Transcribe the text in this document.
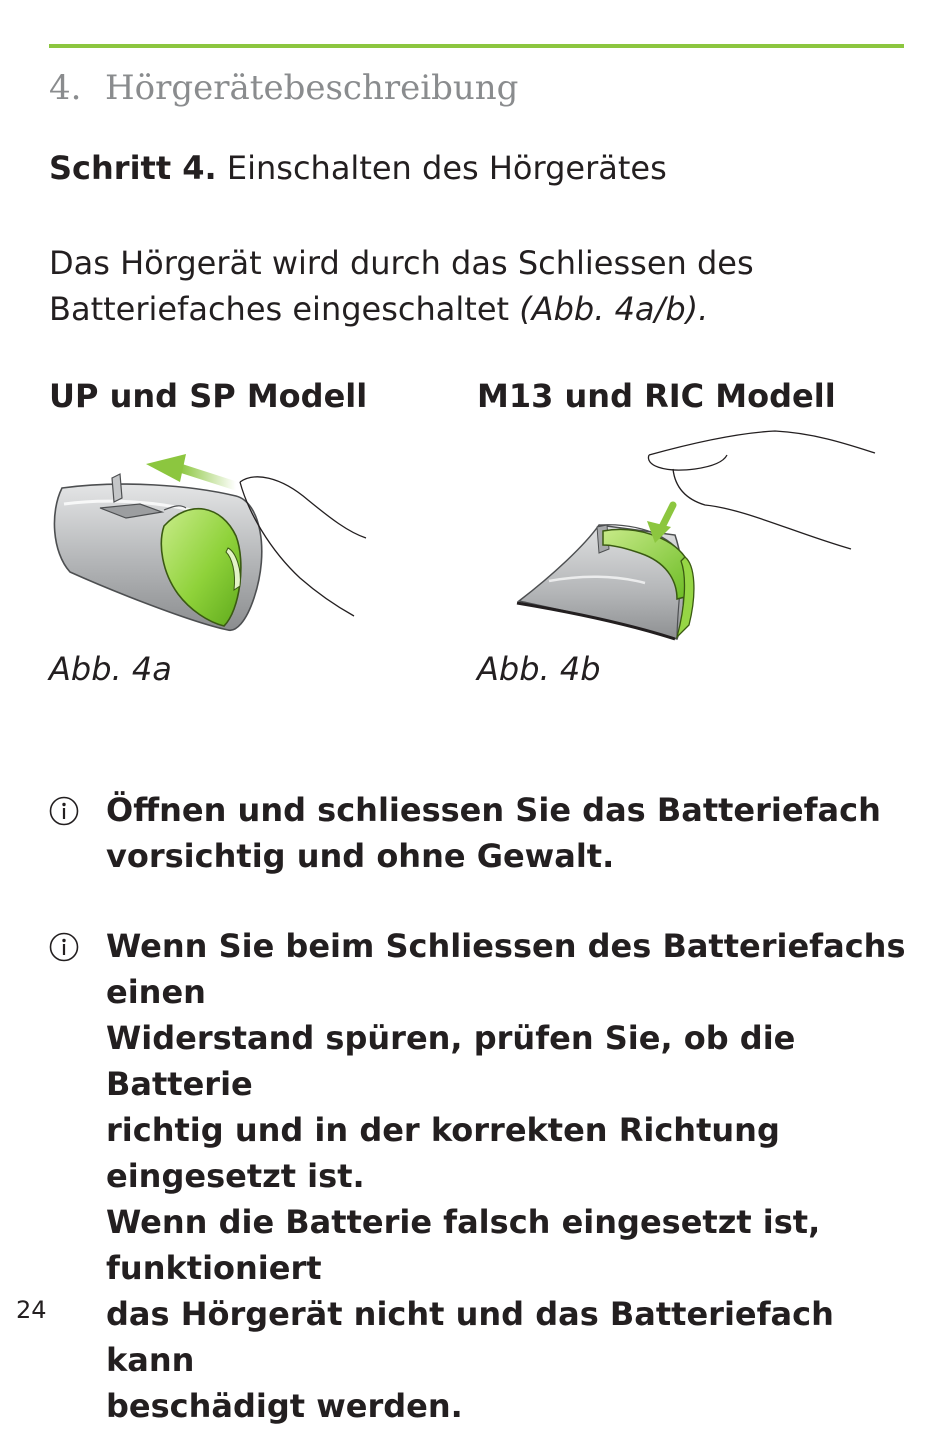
4. Hörgerätebeschreibung
Schritt 4. Einschalten des Hörgerätes

Das Hörgerät wird durch das Schliessen des
Batteriefaches eingeschaltet (Abb. 4a/b).

UP und SP Modell	M13 und RIC Modell
Abb. 4a	Abb. 4b

Öffnen und schliessen Sie das Batteriefach
vorsichtig und ohne Gewalt.

Wenn Sie beim Schliessen des Batteriefachs einen
Widerstand spüren, prüfen Sie, ob die Batterie
richtig und in der korrekten Richtung eingesetzt ist.
Wenn die Batterie falsch eingesetzt ist, funktioniert
das Hörgerät nicht und das Batteriefach kann
beschädigt werden.

24
